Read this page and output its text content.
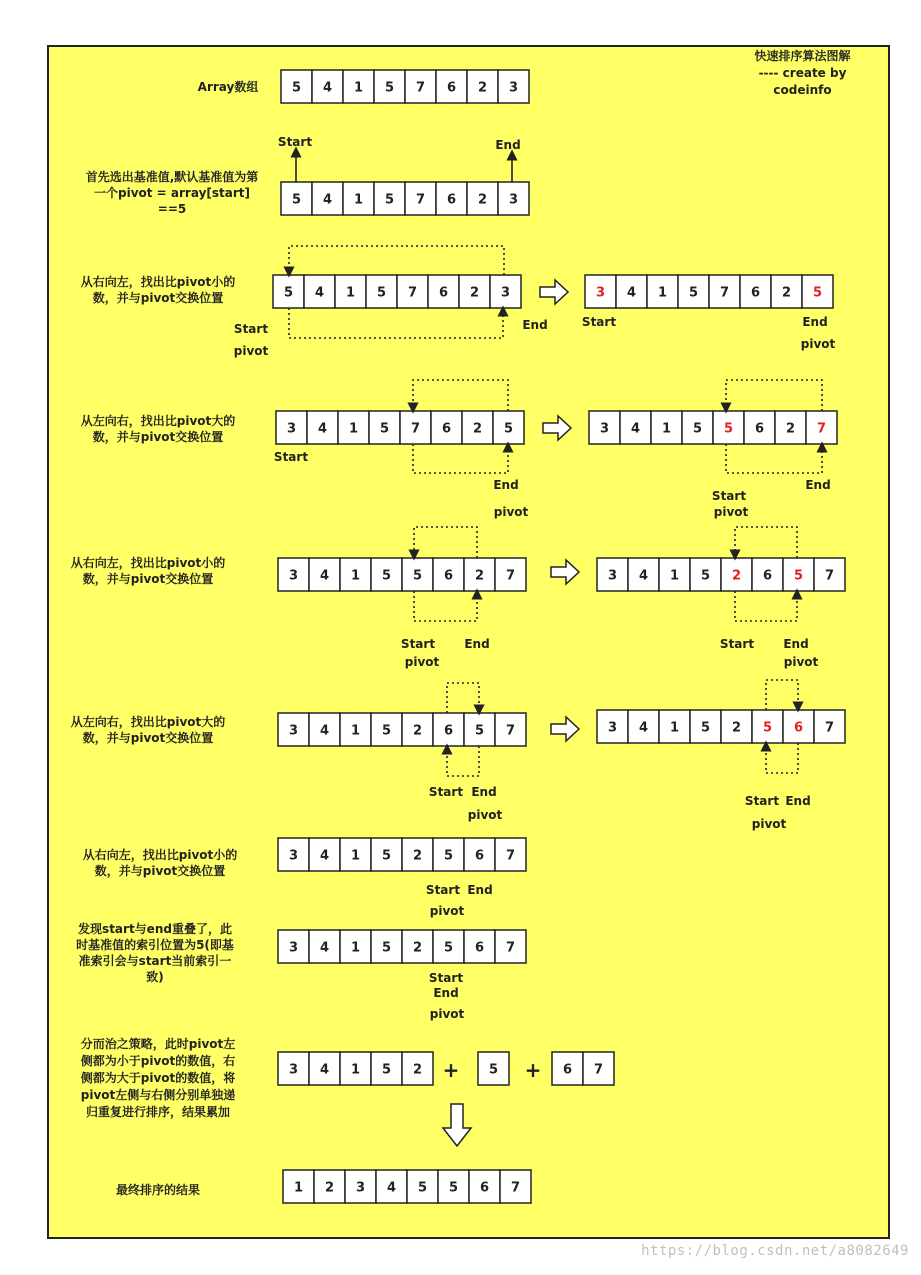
Array数组	5 4 1 5 7 6 2 3
首先选出基准值,默认基准值为第
一个pivot = array[start]
==5
5 4 1 5 7 6 2 3
Start	End
从右向左，找出比pivot小的
数，并与pivot交换位置	5 4 1 5 7 6 2 3	3 4 1 5 7 6 2 5
Start
pivot
End	Start	End
pivot
从左向右，找出比pivot大的
数，并与pivot交换位置
3 4 1 5 7 6 2 5	3 4 1 5 5 6 2 7
Start
End
pivot
Start
pivot
End
从右向左，找出比pivot小的
数，并与pivot交换位置	3 4 1 5 5 6 2 7	3 4 1 5 2 6 5 7
Start End
pivot
Start End
pivot
从左向右，找出比pivot大的
数，并与pivot交换位置	3 4 1 5 2 6 5 7	3 4 1 5 2 5 6 7
Start End
pivot
Start End
pivot
从右向左，找出比pivot小的
数，并与pivot交换位置
3 4 1 5 2 5 6 7
Start End
pivot
发现start与end重叠了，此
时基准值的索引位置为5(即基
准索引会与start当前索引一
致)
3 4 1 5 2 5 6 7
Start
End
pivot
分而治之策略，此时pivot左
侧都为小于pivot的数值，右
侧都为大于pivot的数值，将
pivot左侧与右侧分别单独递
归重复进行排序，结果累加
3 4 1 5 2	5	6 7
+	+
最终排序的结果	1 2 3 4 5 5 6 7
快速排序算法图解
---- create by
codeinfo
https://blog.csdn.net/a8082649
